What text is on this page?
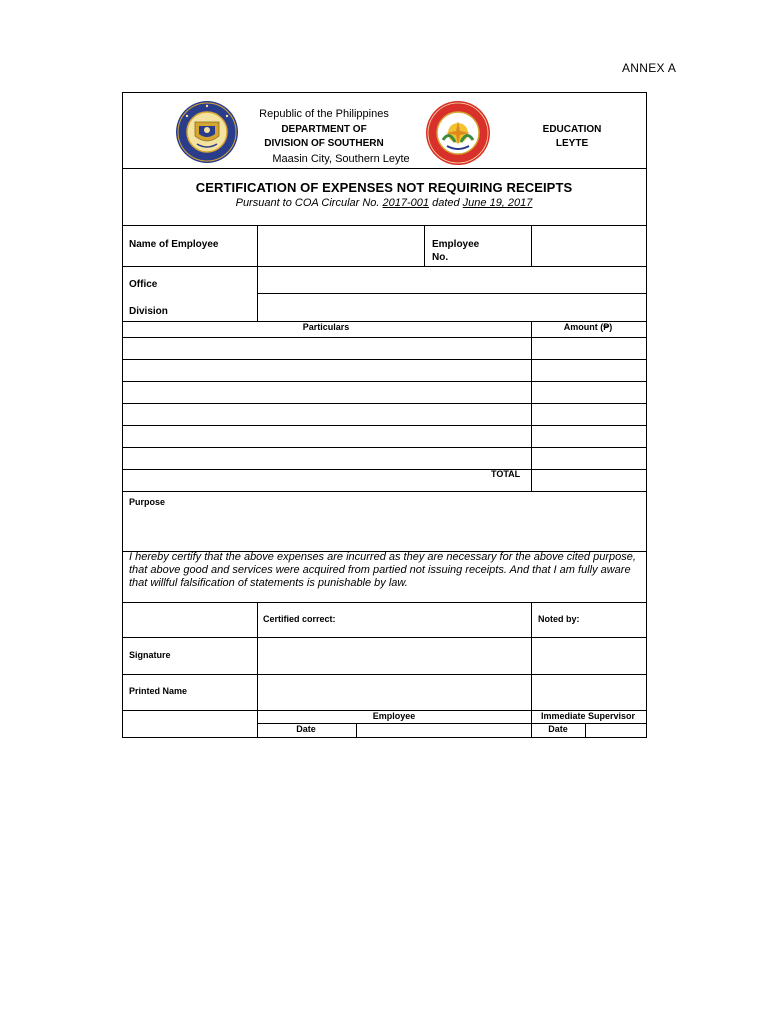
ANNEX A
Republic of the Philippines
DEPARTMENT OF
DIVISION OF SOUTHERN
Maasin City, Southern Leyte
EDUCATION
LEYTE
CERTIFICATION OF EXPENSES NOT REQUIRING RECEIPTS
Pursuant to COA Circular No. 2017-001 dated June 19, 2017
Name of Employee	Employee
No.
Office
Division
Particulars	Amount (₱)
TOTAL
Purpose
I hereby certify that the above expenses are incurred as they are necessary for the above cited purpose, that above good and services were acquired from partied not issuing receipts. And that I am fully aware that willful falsification of statements is punishable by law.
Certified correct:	Noted by:
Signature
Printed Name
Employee	Immediate Supervisor
Date	Date
